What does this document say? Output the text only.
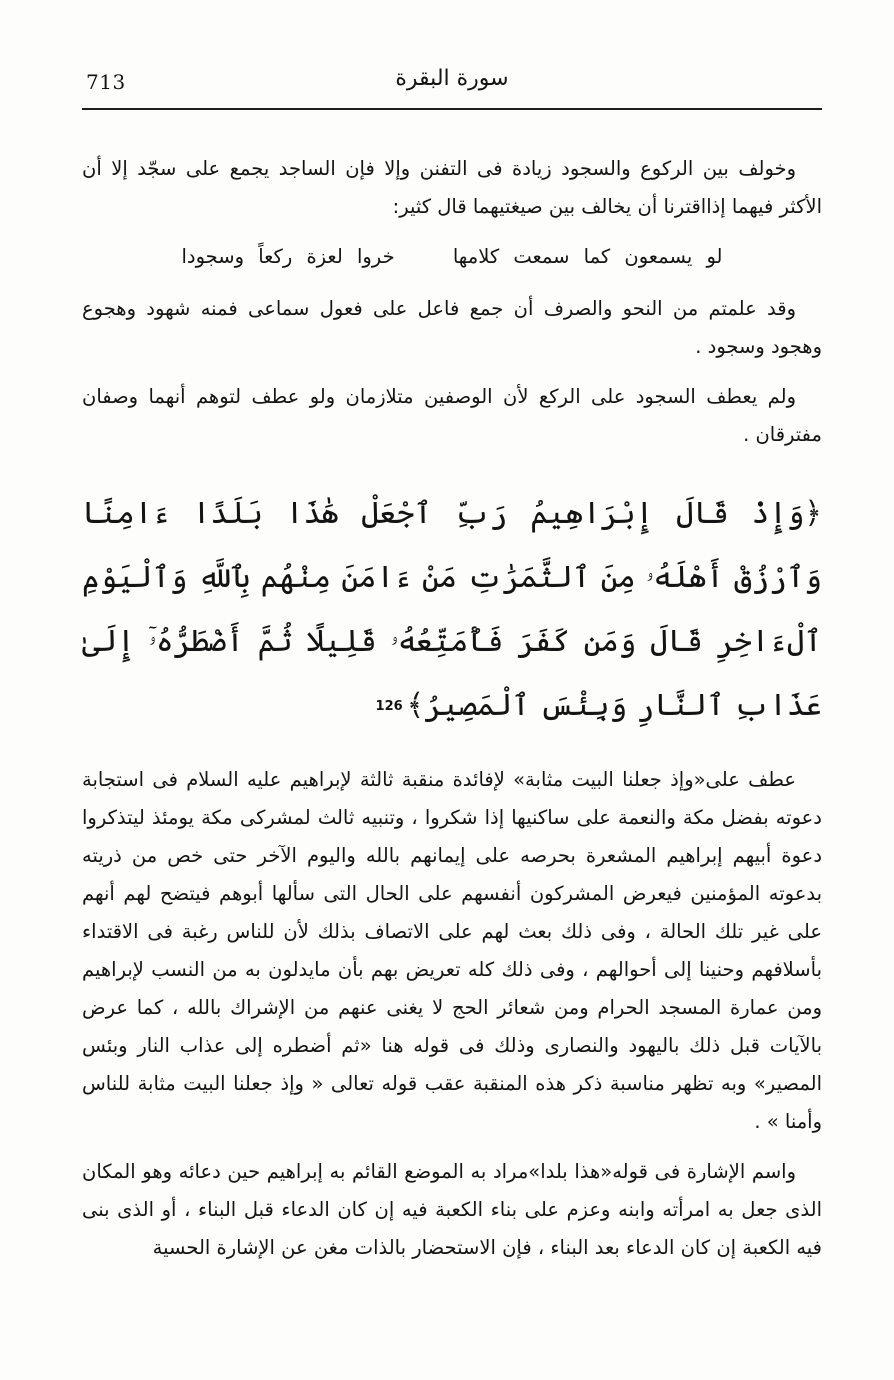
713	سورة البقرة

وخولف بين الركوع والسجود زيادة فى التفنن وإلا فإن الساجد يجمع على سجّد إلا أن الأكثر فيهما إذااقترنا أن يخالف بين صيغتيهما قال كثير:

لو يسمعون كما سمعت كلامها خروا لعزة ركعاً وسجودا

وقد علمتم من النحو والصرف أن جمع فاعل على فعول سماعى فمنه شهود وهجوع وهجود وسجود .

ولم يعطف السجود على الركع لأن الوصفين متلازمان ولو عطف لتوهم أنهما وصفان مفترقان .

﴿وَإِذْ قَالَ إِبْرَاهِيمُ رَبِّ ٱجْعَلْ هَٰذَا بَلَدًا ءَامِنًا وَٱرْزُقْ أَهْلَهُۥ مِنَ ٱلثَّمَرَٰتِ مَنْ ءَامَنَ مِنْهُم بِٱللَّهِ وَٱلْيَوْمِ ٱلْءَاخِرِ قَالَ وَمَن كَفَرَ فَأُمَتِّعُهُۥ قَلِيلًا ثُمَّ أَضْطَرُّهُۥٓ إِلَىٰ عَذَابِ ٱلنَّارِ وَبِئْسَ ٱلْمَصِيرُ﴾126

عطف على«وإذ جعلنا البيت مثابة» لإفائدة منقبة ثالثة لإبراهيم عليه السلام فى استجابة دعوته بفضل مكة والنعمة على ساكنيها إذا شكروا ، وتنبيه ثالث لمشركى مكة يومئذ ليتذكروا دعوة أبيهم إبراهيم المشعرة بحرصه على إيمانهم بالله واليوم الآخر حتى خص من ذريته بدعوته المؤمنين فيعرض المشركون أنفسهم على الحال التى سألها أبوهم فيتضح لهم أنهم على غير تلك الحالة ، وفى ذلك بعث لهم على الاتصاف بذلك لأن للناس رغبة فى الاقتداء بأسلافهم وحنينا إلى أحوالهم ، وفى ذلك كله تعريض بهم بأن مايدلون به من النسب لإبراهيم ومن عمارة المسجد الحرام ومن شعائر الحج لا يغنى عنهم من الإشراك بالله ، كما عرض بالآيات قبل ذلك باليهود والنصارى وذلك فى قوله هنا «ثم أضطره إلى عذاب النار وبئس المصير» وبه تظهر مناسبة ذكر هذه المنقبة عقب قوله تعالى « وإذ جعلنا البيت مثابة للناس وأمنا » .

واسم الإشارة فى قوله«هذا بلدا»مراد به الموضع القائم به إبراهيم حين دعائه وهو المكان الذى جعل به امرأته وابنه وعزم على بناء الكعبة فيه إن كان الدعاء قبل البناء ، أو الذى بنى فيه الكعبة إن كان الدعاء بعد البناء ، فإن الاستحضار بالذات مغن عن الإشارة الحسية
